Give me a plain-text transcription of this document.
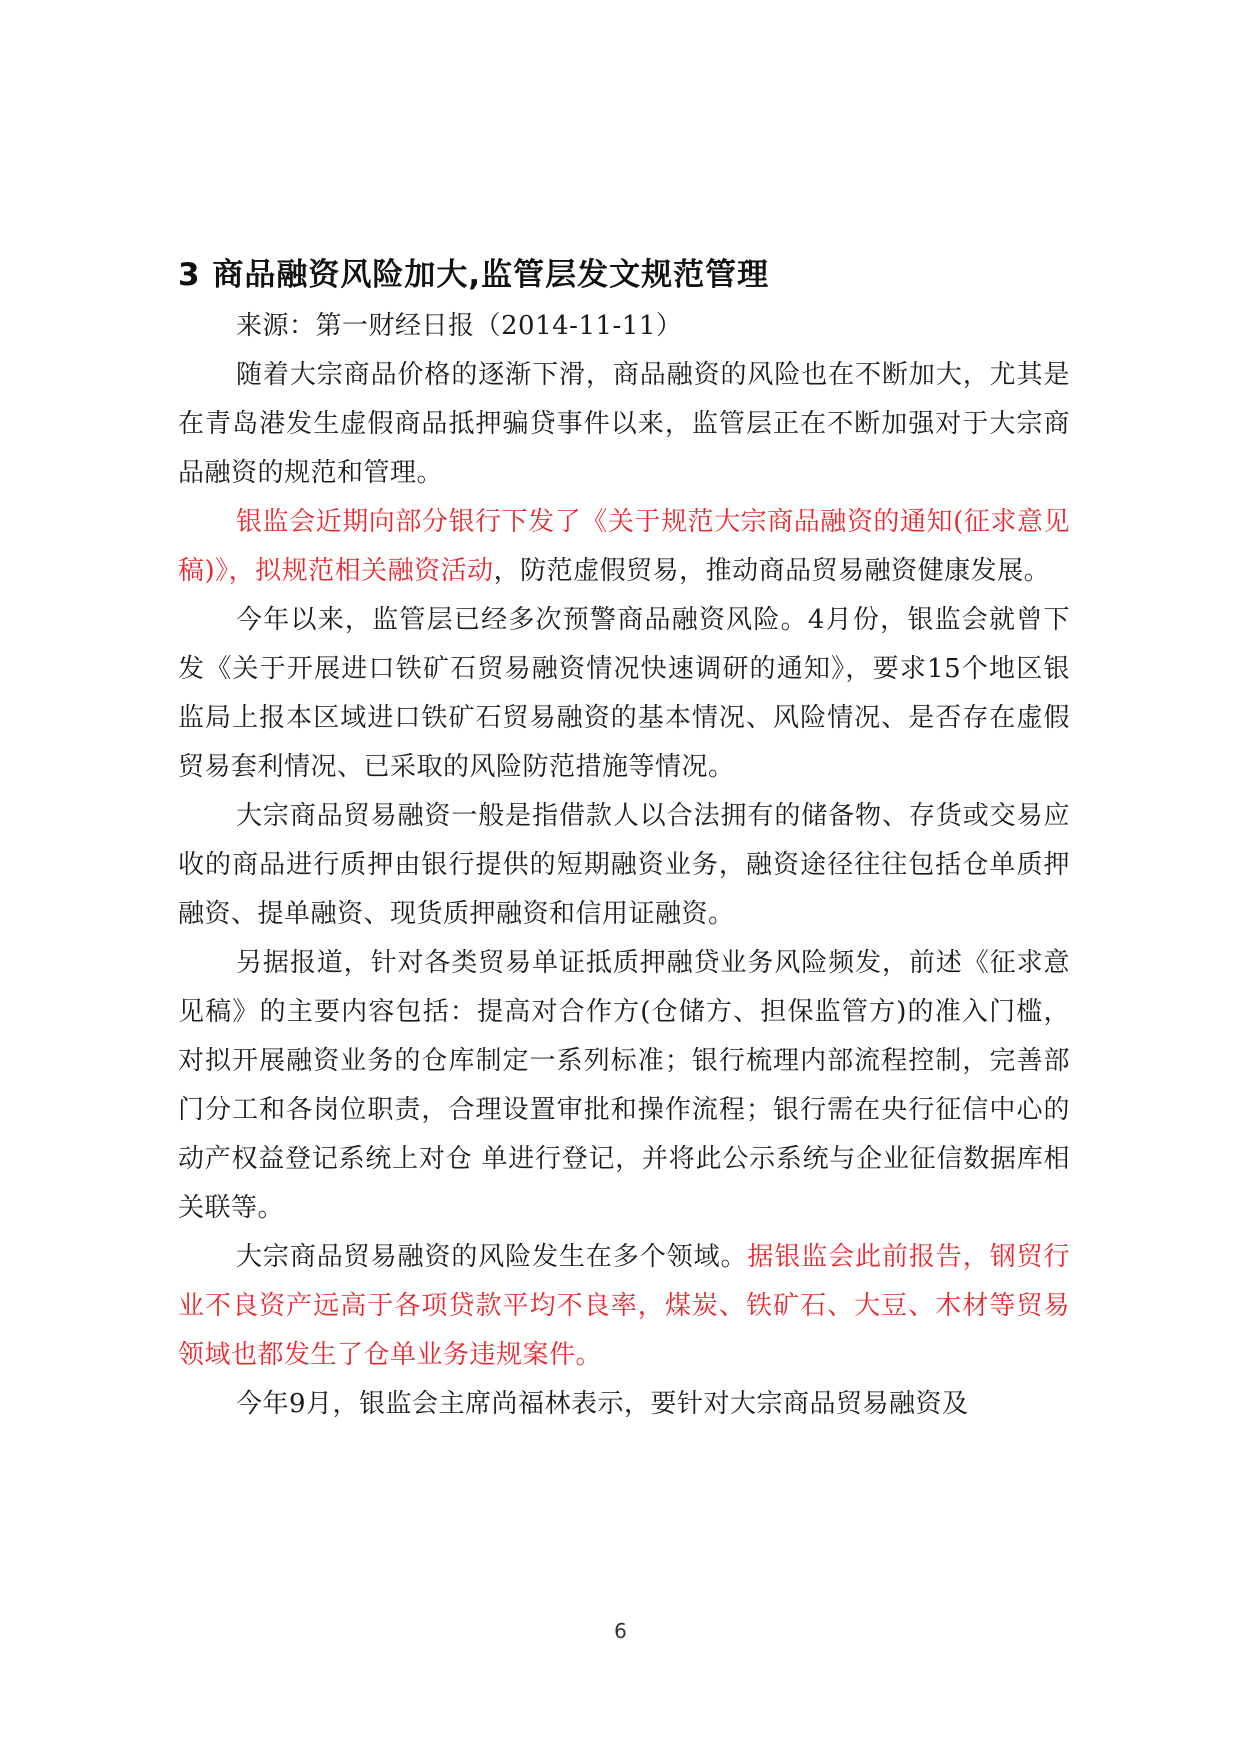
3 商品融资风险加大,监管层发文规范管理

来源：第一财经日报（2014-11-11）

随着大宗商品价格的逐渐下滑，商品融资的风险也在不断加大，尤其是在青岛港发生虚假商品抵押骗贷事件以来，监管层正在不断加强对于大宗商品融资的规范和管理。

银监会近期向部分银行下发了《关于规范大宗商品融资的通知(征求意见稿)》，拟规范相关融资活动，防范虚假贸易，推动商品贸易融资健康发展。

今年以来，监管层已经多次预警商品融资风险。4月份，银监会就曾下发《关于开展进口铁矿石贸易融资情况快速调研的通知》，要求15个地区银监局上报本区域进口铁矿石贸易融资的基本情况、风险情况、是否存在虚假贸易套利情况、已采取的风险防范措施等情况。

大宗商品贸易融资一般是指借款人以合法拥有的储备物、存货或交易应收的商品进行质押由银行提供的短期融资业务，融资途径往往包括仓单质押融资、提单融资、现货质押融资和信用证融资。

另据报道，针对各类贸易单证抵质押融贷业务风险频发，前述《征求意见稿》的主要内容包括：提高对合作方(仓储方、担保监管方)的准入门槛，对拟开展融资业务的仓库制定一系列标准；银行梳理内部流程控制，完善部门分工和各岗位职责，合理设置审批和操作流程；银行需在央行征信中心的动产权益登记系统上对仓 单进行登记，并将此公示系统与企业征信数据库相关联等。

大宗商品贸易融资的风险发生在多个领域。据银监会此前报告，钢贸行业不良资产远高于各项贷款平均不良率，煤炭、铁矿石、大豆、木材等贸易领域也都发生了仓单业务违规案件。

今年9月，银监会主席尚福林表示，要针对大宗商品贸易融资及

6
